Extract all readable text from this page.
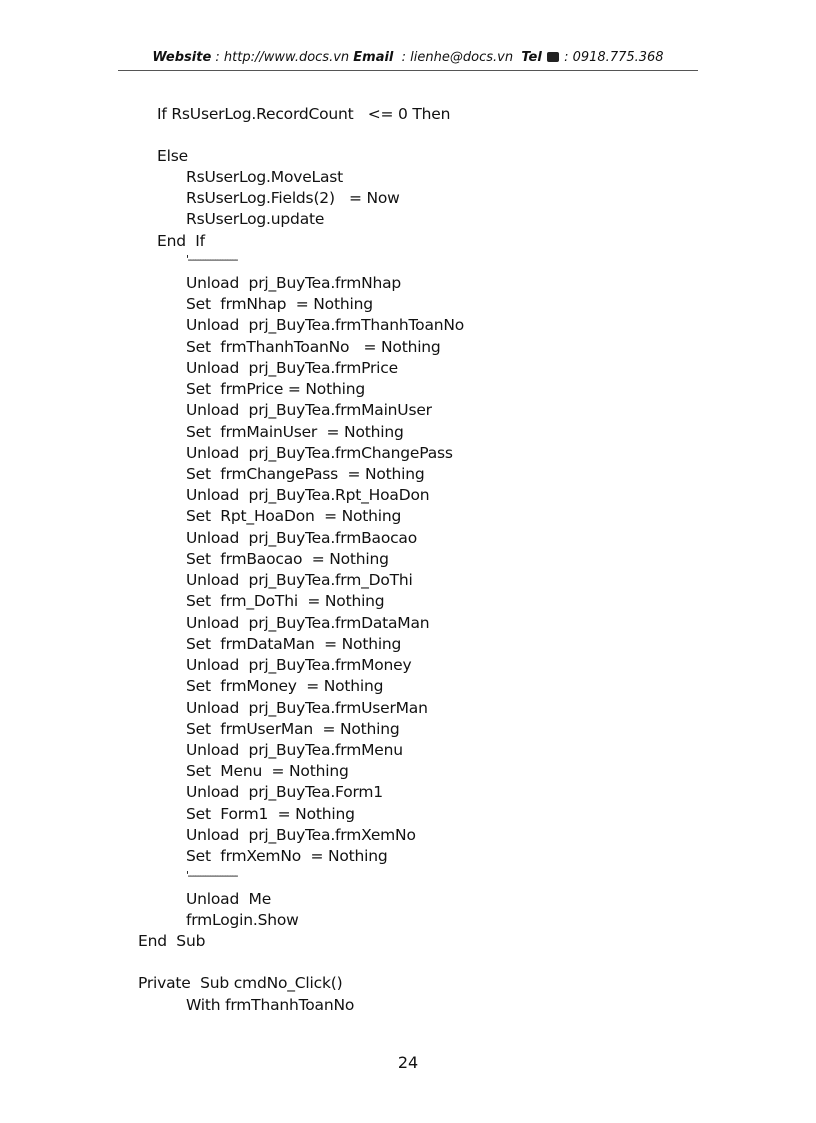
Website : http://www.docs.vn Email  : lienhe@docs.vn  Tel  : 0918.775.368
If RsUserLog.RecordCount   <= 0 Then
Else
RsUserLog.MoveLast
RsUserLog.Fields(2)   = Now
RsUserLog.update
End  If
'--------------------
Unload  prj_BuyTea.frmNhap
Set  frmNhap  = Nothing
Unload  prj_BuyTea.frmThanhToanNo
Set  frmThanhToanNo   = Nothing
Unload  prj_BuyTea.frmPrice
Set  frmPrice = Nothing
Unload  prj_BuyTea.frmMainUser
Set  frmMainUser  = Nothing
Unload  prj_BuyTea.frmChangePass
Set  frmChangePass  = Nothing
Unload  prj_BuyTea.Rpt_HoaDon
Set  Rpt_HoaDon  = Nothing
Unload  prj_BuyTea.frmBaocao
Set  frmBaocao  = Nothing
Unload  prj_BuyTea.frm_DoThi
Set  frm_DoThi  = Nothing
Unload  prj_BuyTea.frmDataMan
Set  frmDataMan  = Nothing
Unload  prj_BuyTea.frmMoney
Set  frmMoney  = Nothing
Unload  prj_BuyTea.frmUserMan
Set  frmUserMan  = Nothing
Unload  prj_BuyTea.frmMenu
Set  Menu  = Nothing
Unload  prj_BuyTea.Form1
Set  Form1  = Nothing
Unload  prj_BuyTea.frmXemNo
Set  frmXemNo  = Nothing
'--------------------
Unload  Me
frmLogin.Show
End  Sub
Private  Sub cmdNo_Click()
With frmThanhToanNo
24
